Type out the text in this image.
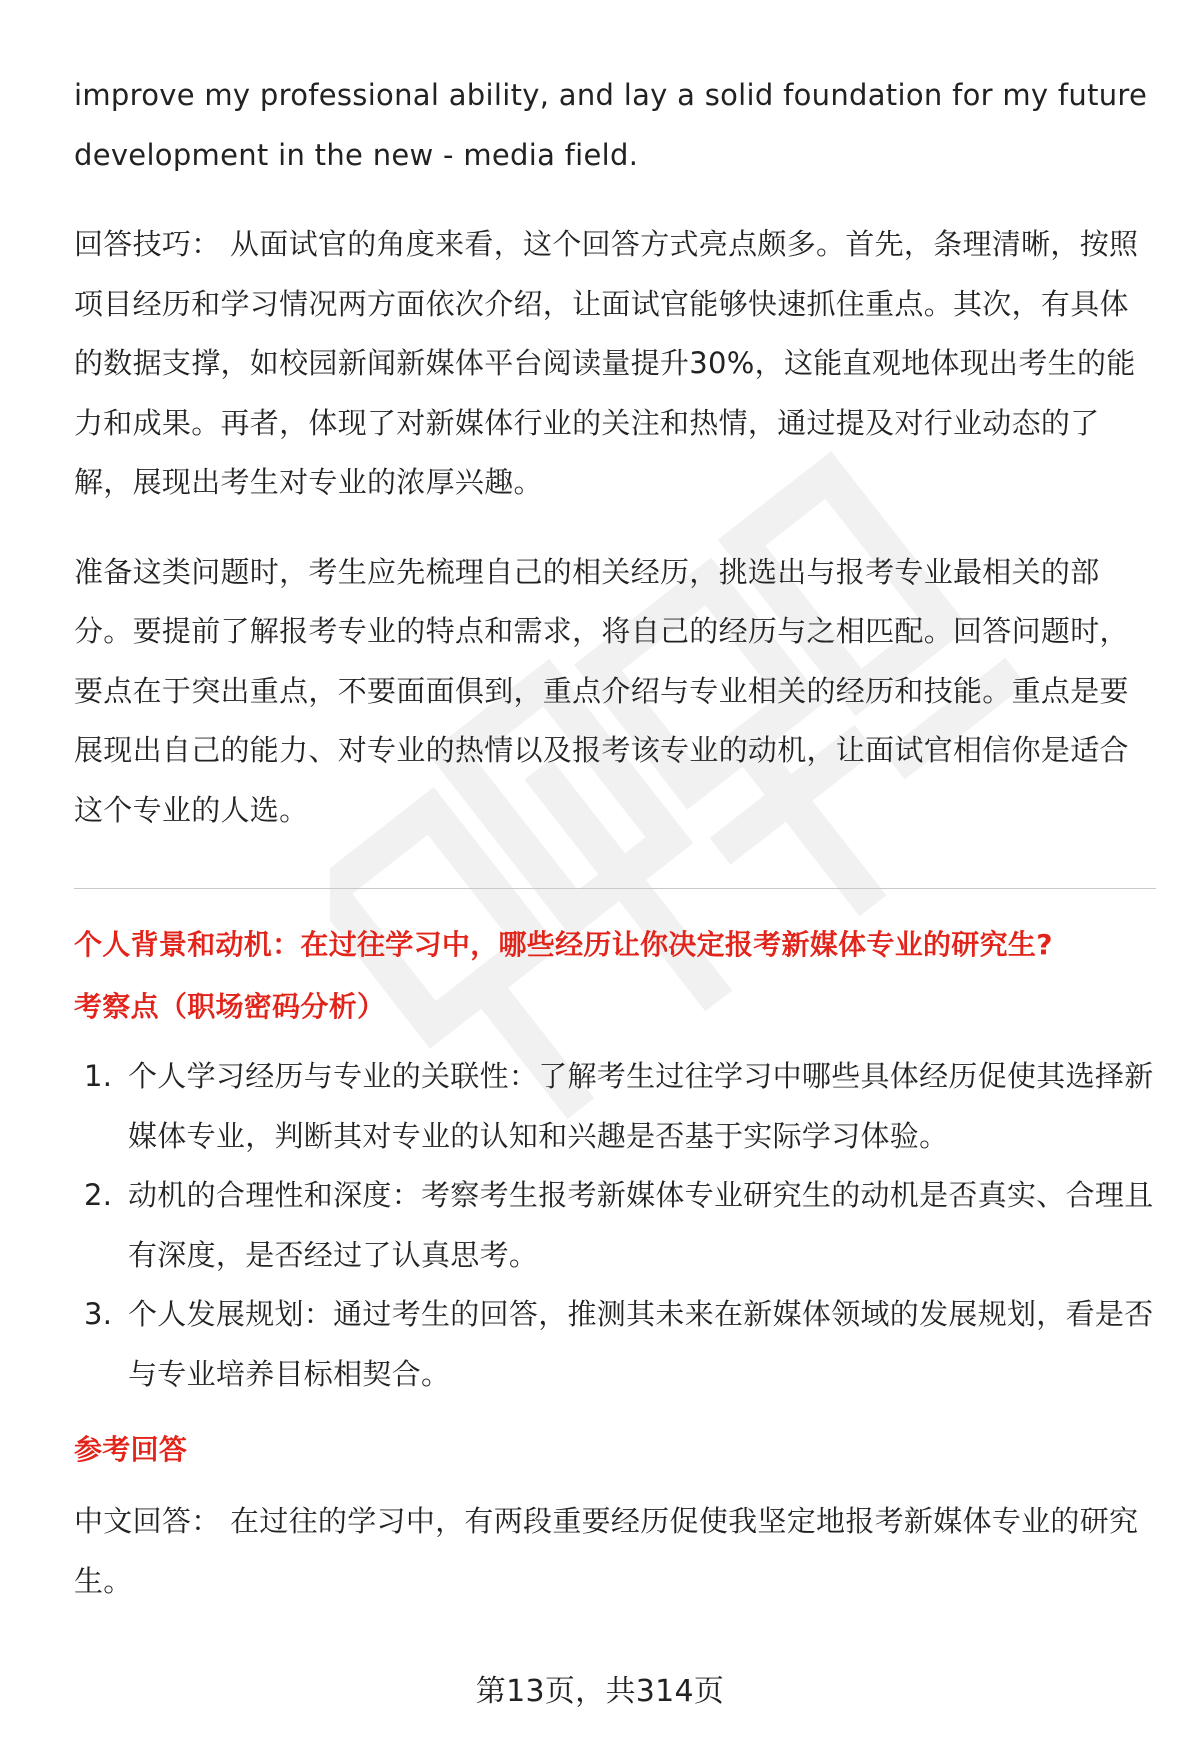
improve my professional ability, and lay a solid foundation for my future development in the new - media field.

回答技巧： 从面试官的角度来看，这个回答方式亮点颇多。首先，条理清晰，按照项目经历和学习情况两方面依次介绍，让面试官能够快速抓住重点。其次，有具体的数据支撑，如校园新闻新媒体平台阅读量提升30%，这能直观地体现出考生的能力和成果。再者，体现了对新媒体行业的关注和热情，通过提及对行业动态的了解，展现出考生对专业的浓厚兴趣。

准备这类问题时，考生应先梳理自己的相关经历，挑选出与报考专业最相关的部分。要提前了解报考专业的特点和需求，将自己的经历与之相匹配。回答问题时，要点在于突出重点，不要面面俱到，重点介绍与专业相关的经历和技能。重点是要展现出自己的能力、对专业的热情以及报考该专业的动机，让面试官相信你是适合这个专业的人选。

个人背景和动机：在过往学习中，哪些经历让你决定报考新媒体专业的研究生?
考察点（职场密码分析）
1. 个人学习经历与专业的关联性：了解考生过往学习中哪些具体经历促使其选择新媒体专业，判断其对专业的认知和兴趣是否基于实际学习体验。
2. 动机的合理性和深度：考察考生报考新媒体专业研究生的动机是否真实、合理且有深度，是否经过了认真思考。
3. 个人发展规划：通过考生的回答，推测其未来在新媒体领域的发展规划，看是否与专业培养目标相契合。
参考回答

中文回答： 在过往的学习中，有两段重要经历促使我坚定地报考新媒体专业的研究生。

第13页，共314页
